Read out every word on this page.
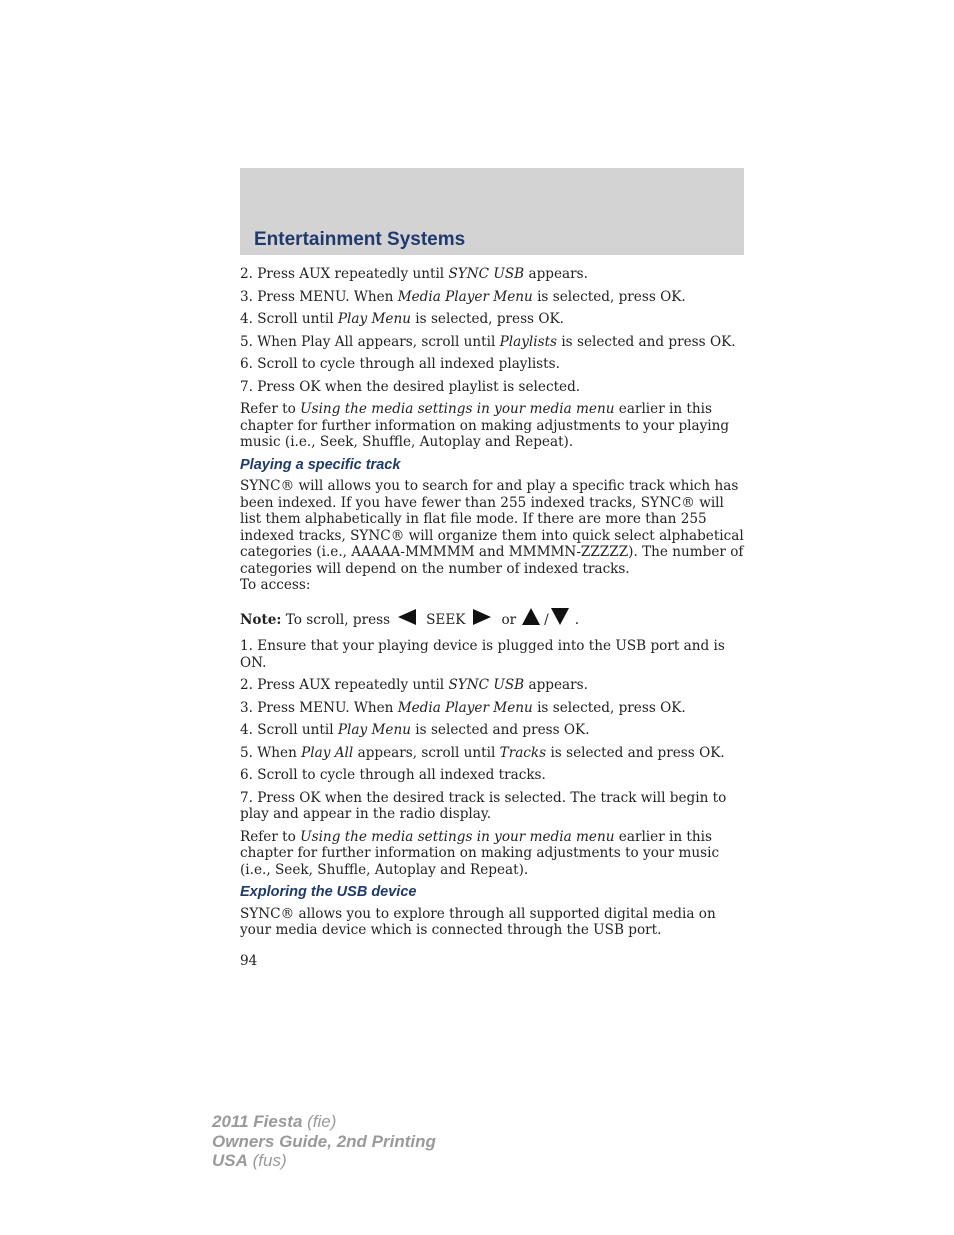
Entertainment Systems

2. Press AUX repeatedly until SYNC USB appears.

3. Press MENU. When Media Player Menu is selected, press OK.

4. Scroll until Play Menu is selected, press OK.

5. When Play All appears, scroll until Playlists is selected and press OK.

6. Scroll to cycle through all indexed playlists.

7. Press OK when the desired playlist is selected.

Refer to Using the media settings in your media menu earlier in this chapter for further information on making adjustments to your playing music (i.e., Seek, Shuffle, Autoplay and Repeat).

Playing a specific track

SYNC® will allows you to search for and play a specific track which has been indexed. If you have fewer than 255 indexed tracks, SYNC® will list them alphabetically in flat file mode. If there are more than 255 indexed tracks, SYNC® will organize them into quick select alphabetical categories (i.e., AAAAA-MMMMM and MMMMN-ZZZZZ). The number of categories will depend on the number of indexed tracks.

To access:

Note: To scroll, press	SEEK	or / .

1. Ensure that your playing device is plugged into the USB port and is ON.

2. Press AUX repeatedly until SYNC USB appears.

3. Press MENU. When Media Player Menu is selected, press OK.

4. Scroll until Play Menu is selected and press OK.

5. When Play All appears, scroll until Tracks is selected and press OK.

6. Scroll to cycle through all indexed tracks.

7. Press OK when the desired track is selected. The track will begin to play and appear in the radio display.

Refer to Using the media settings in your media menu earlier in this chapter for further information on making adjustments to your music (i.e., Seek, Shuffle, Autoplay and Repeat).

Exploring the USB device

SYNC® allows you to explore through all supported digital media on your media device which is connected through the USB port.

94

2011 Fiesta (fie)
Owners Guide, 2nd Printing
USA (fus)
